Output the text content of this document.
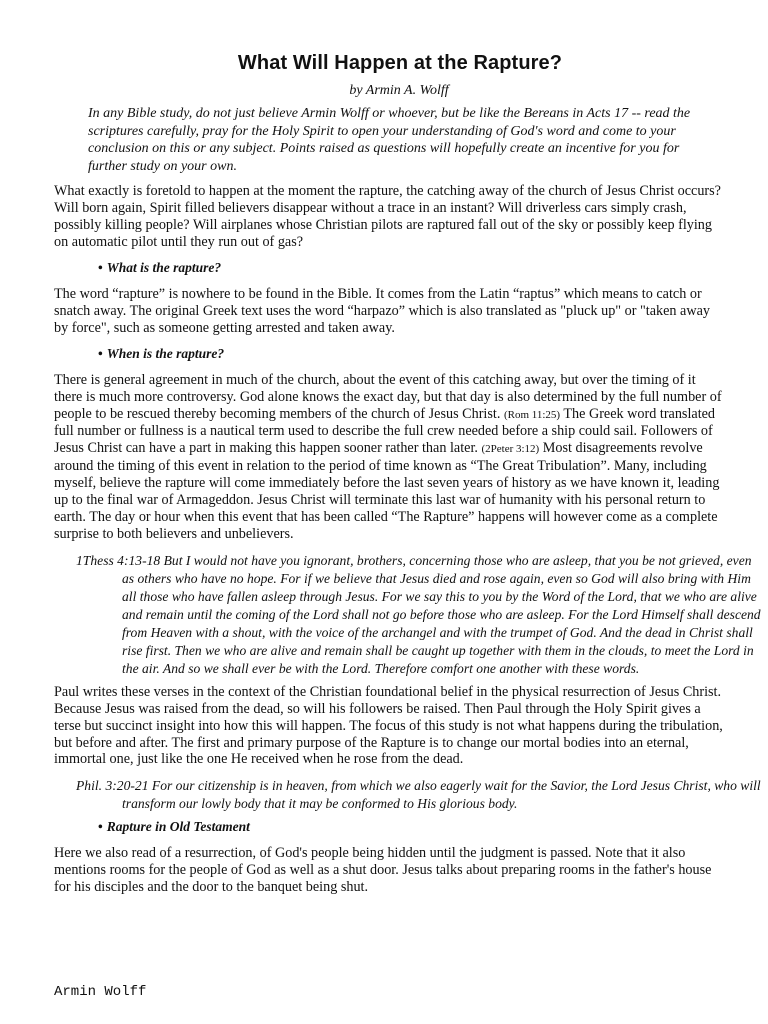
What Will Happen at the Rapture?
by Armin A. Wolff
In any Bible study, do not just believe Armin Wolff or whoever, but be like the Bereans in Acts 17 -- read the scriptures carefully, pray for the Holy Spirit to open your understanding of God's word and come to your conclusion on this or any subject. Points raised as questions will hopefully create an incentive for you for further study on your own.

What exactly is foretold to happen at the moment the rapture, the catching away of the church of Jesus Christ occurs? Will born again, Spirit filled believers disappear without a trace in an instant? Will driverless cars simply crash, possibly killing people? Will airplanes whose Christian pilots are raptured fall out of the sky or possibly keep flying on automatic pilot until they run out of gas?

• What is the rapture?

The word “rapture” is nowhere to be found in the Bible. It comes from the Latin “raptus” which means to catch or snatch away. The original Greek text uses the word “harpazo” which is also translated as "pluck up" or "taken away by force", such as someone getting arrested and taken away.

• When is the rapture?

There is general agreement in much of the church, about the event of this catching away, but over the timing of it there is much more controversy. God alone knows the exact day, but that day is also determined by the full number of people to be rescued thereby becoming members of the church of Jesus Christ. (Rom 11:25) The Greek word translated full number or fullness is a nautical term used to describe the full crew needed before a ship could sail. Followers of Jesus Christ can have a part in making this happen sooner rather than later. (2Peter 3:12) Most disagreements revolve around the timing of this event in relation to the period of time known as “The Great Tribulation”. Many, including myself, believe the rapture will come immediately before the last seven years of history as we have known it, leading up to the final war of Armageddon. Jesus Christ will terminate this last war of humanity with his personal return to earth. The day or hour when this event that has been called “The Rapture” happens will however come as a complete surprise to both believers and unbelievers.

1Thess 4:13-18 But I would not have you ignorant, brothers, concerning those who are asleep, that you be not grieved, even as others who have no hope. For if we believe that Jesus died and rose again, even so God will also bring with Him all those who have fallen asleep through Jesus. For we say this to you by the Word of the Lord, that we who are alive and remain until the coming of the Lord shall not go before those who are asleep. For the Lord Himself shall descend from Heaven with a shout, with the voice of the archangel and with the trumpet of God. And the dead in Christ shall rise first. Then we who are alive and remain shall be caught up together with them in the clouds, to meet the Lord in the air. And so we shall ever be with the Lord. Therefore comfort one another with these words.

Paul writes these verses in the context of the Christian foundational belief in the physical resurrection of Jesus Christ. Because Jesus was raised from the dead, so will his followers be raised. Then Paul through the Holy Spirit gives a terse but succinct insight into how this will happen. The focus of this study is not what happens during the tribulation, but before and after. The first and primary purpose of the Rapture is to change our mortal bodies into an eternal, immortal one, just like the one He received when he rose from the dead.

Phil. 3:20-21 For our citizenship is in heaven, from which we also eagerly wait for the Savior, the Lord Jesus Christ, who will transform our lowly body that it may be conformed to His glorious body.
• Rapture in Old Testament

Here we also read of a resurrection, of God's people being hidden until the judgment is passed. Note that it also mentions rooms for the people of God as well as a shut door. Jesus talks about preparing rooms in the father's house for his disciples and the door to the banquet being shut.

Armin Wolff
